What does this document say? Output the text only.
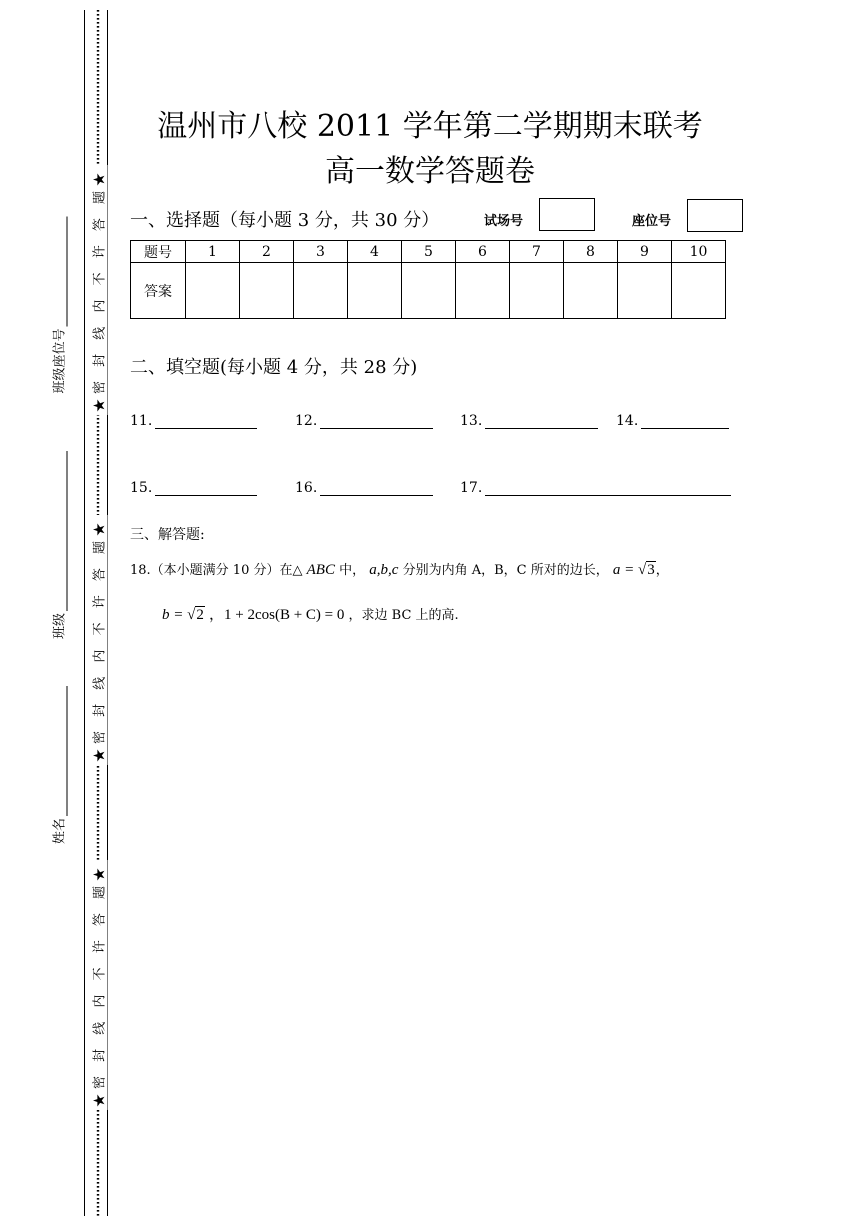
★密 封 线 内 不 许 答 题★
★密 封 线 内 不 许 答 题★
★密 封 线 内 不 许 答 题★
班级座位号
班级
姓名
温州市八校 2011 学年第二学期期末联考
高一数学答题卷
一、选择题（每小题 3 分，共 30 分）	试场号	座位号
题号	1	2	3	4	5	6	7	8	9	10
答案										
二、填空题(每小题 4 分，共 28 分)
11.	12.	13.	14.
15.	16.	17.
三、解答题:
18.（本小题满分 10 分）在△ ABC 中， a,b,c 分别为内角 A，B，C 所对的边长， a = √3，
b = √2 ，1 + 2cos(B + C) = 0 ，求边 BC 上的高.
